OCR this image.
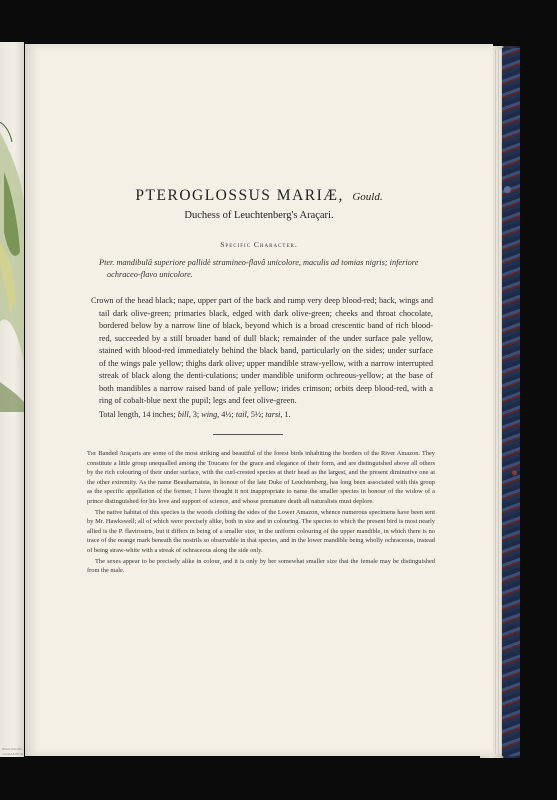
Drawn from Nat.
J.Gould & H.C.R.
PTEROGLOSSUS MARIÆ, Gould.
Duchess of Leuchtenberg's Araçari.
Specific Character.
Pter. mandibulâ superiore pallidè stramineo-flavâ unicolore, maculis ad tomias nigris; inferiore ochraceo-flavo unicolore.
Crown of the head black; nape, upper part of the back and rump very deep blood-red; back, wings and tail dark olive-green; primaries black, edged with dark olive-green; cheeks and throat chocolate, bordered below by a narrow line of black, beyond which is a broad crescentic band of rich blood-red, succeeded by a still broader band of dull black; remainder of the under surface pale yellow, stained with blood-red immediately behind the black band, particularly on the sides; under surface of the wings pale yellow; thighs dark olive; upper mandible straw-yellow, with a narrow interrupted streak of black along the denti-culations; under mandible uniform ochreous-yellow; at the base of both mandibles a narrow raised band of pale yellow; irides crimson; orbits deep blood-red, with a ring of cobalt-blue next the pupil; legs and feet olive-green.
Total length, 14 inches; bill, 3; wing, 4½; tail, 5½; tarsi, 1.

The Banded Araçaris are some of the most striking and beautiful of the forest birds inhabiting the borders of the River Amazon. They constitute a little group unequalled among the Toucans for the grace and elegance of their form, and are distinguished above all others by the rich colouring of their under surface, with the curl-crested species at their head as the largest, and the present diminutive one at the other extremity. As the name Beauharnaisia, in honour of the late Duke of Leuchtenberg, has long been associated with this group as the specific appellation of the former, I have thought it not inappropriate to name the smaller species in honour of the widow of a prince distinguished for his love and support of science, and whose premature death all naturalists must deplore.

The native habitat of this species is the woods clothing the sides of the Lower Amazon, whence numerous specimens have been sent by Mr. Hawkswell; all of which were precisely alike, both in size and in colouring. The species to which the present bird is most nearly allied is the P. flavirostris, but it differs in being of a smaller size, in the uniform colouring of the upper mandible, in which there is no trace of the orange mark beneath the nostrils so observable in that species, and in the lower mandible being wholly ochraceous, instead of being straw-white with a streak of ochraceous along the side only.

The sexes appear to be precisely alike in colour, and it is only by her somewhat smaller size that the female may be distinguished from the male.
